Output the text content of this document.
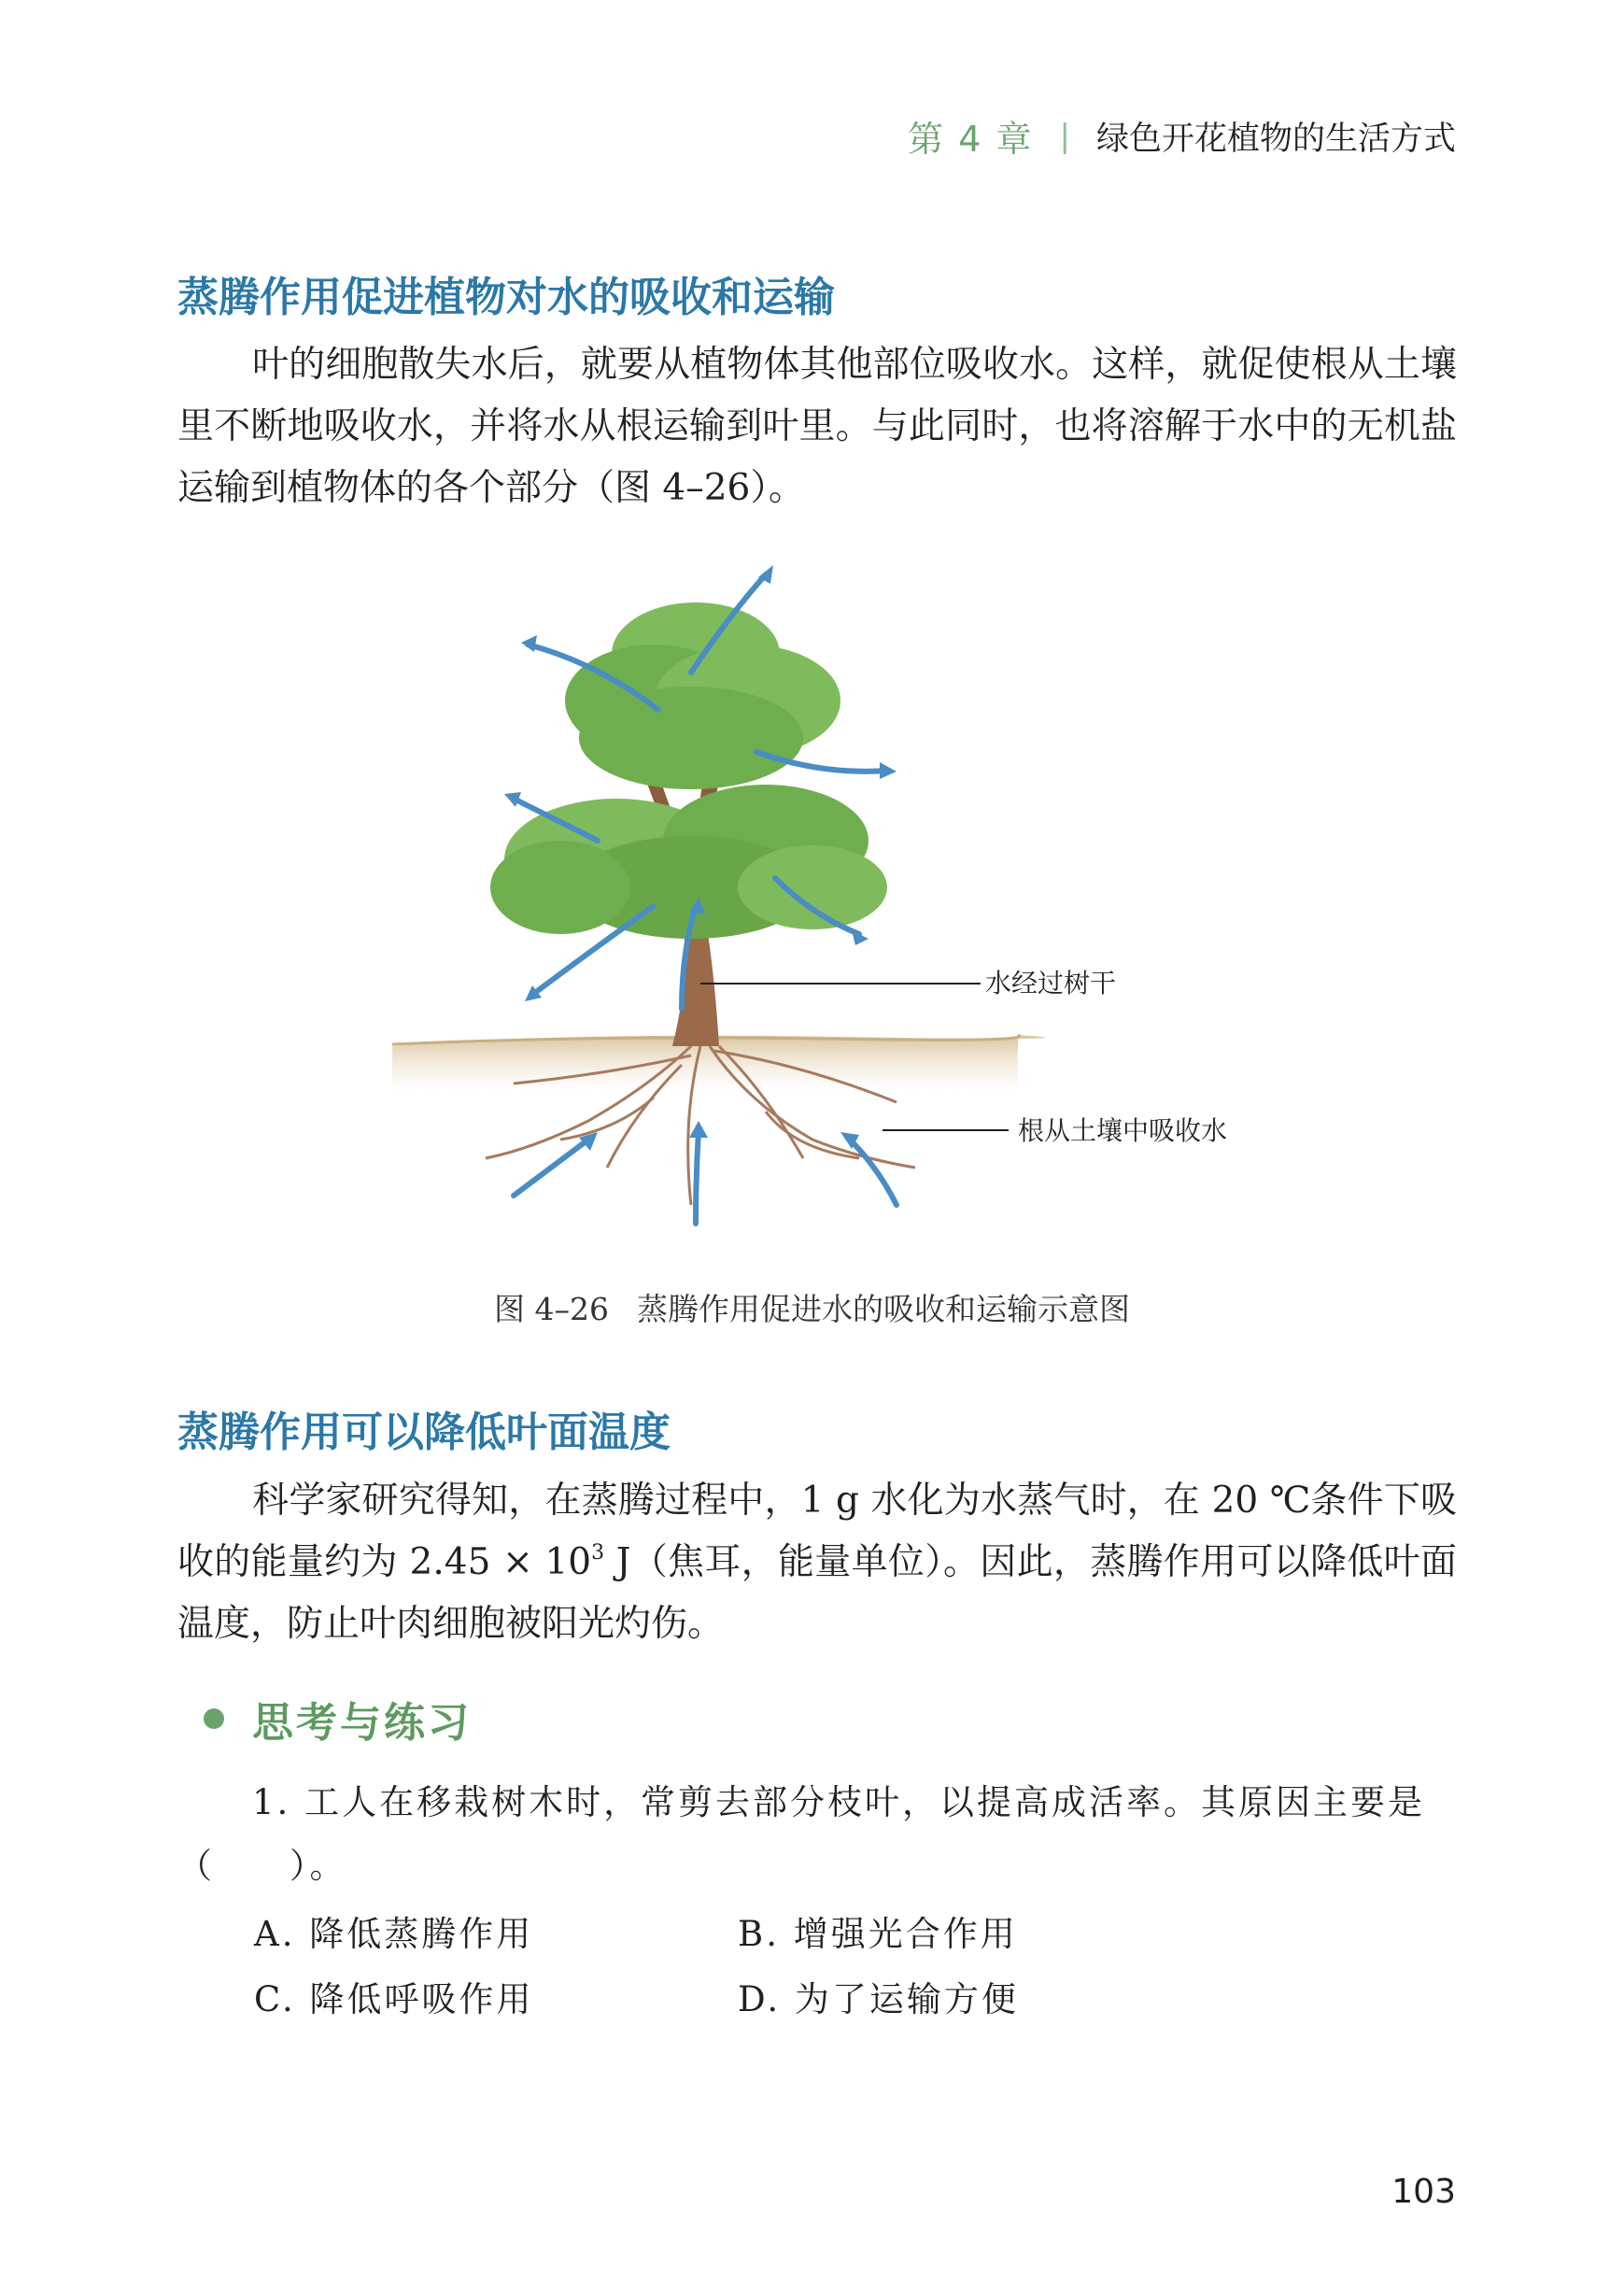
第 4 章 | 绿色开花植物的生活方式
蒸腾作用促进植物对水的吸收和运输

叶的细胞散失水后，就要从植物体其他部位吸收水。这样，就促使根从土壤里不断地吸收水，并将水从根运输到叶里。与此同时，也将溶解于水中的无机盐运输到植物体的各个部分（图 4–26）。

水经过树干
根从土壤中吸收水
图 4–26 蒸腾作用促进水的吸收和运输示意图
蒸腾作用可以降低叶面温度

科学家研究得知，在蒸腾过程中，1 g 水化为水蒸气时，在 20 ℃条件下吸收的能量约为 $2.45 \times 10^3$ J（焦耳，能量单位）。因此，蒸腾作用可以降低叶面温度，防止叶肉细胞被阳光灼伤。

思考与练习

1. 工人在移栽树木时，常剪去部分枝叶，以提高成活率。其原因主要是（　　）。

A. 降低蒸腾作用	B. 增强光合作用
C. 降低呼吸作用	D. 为了运输方便
103
